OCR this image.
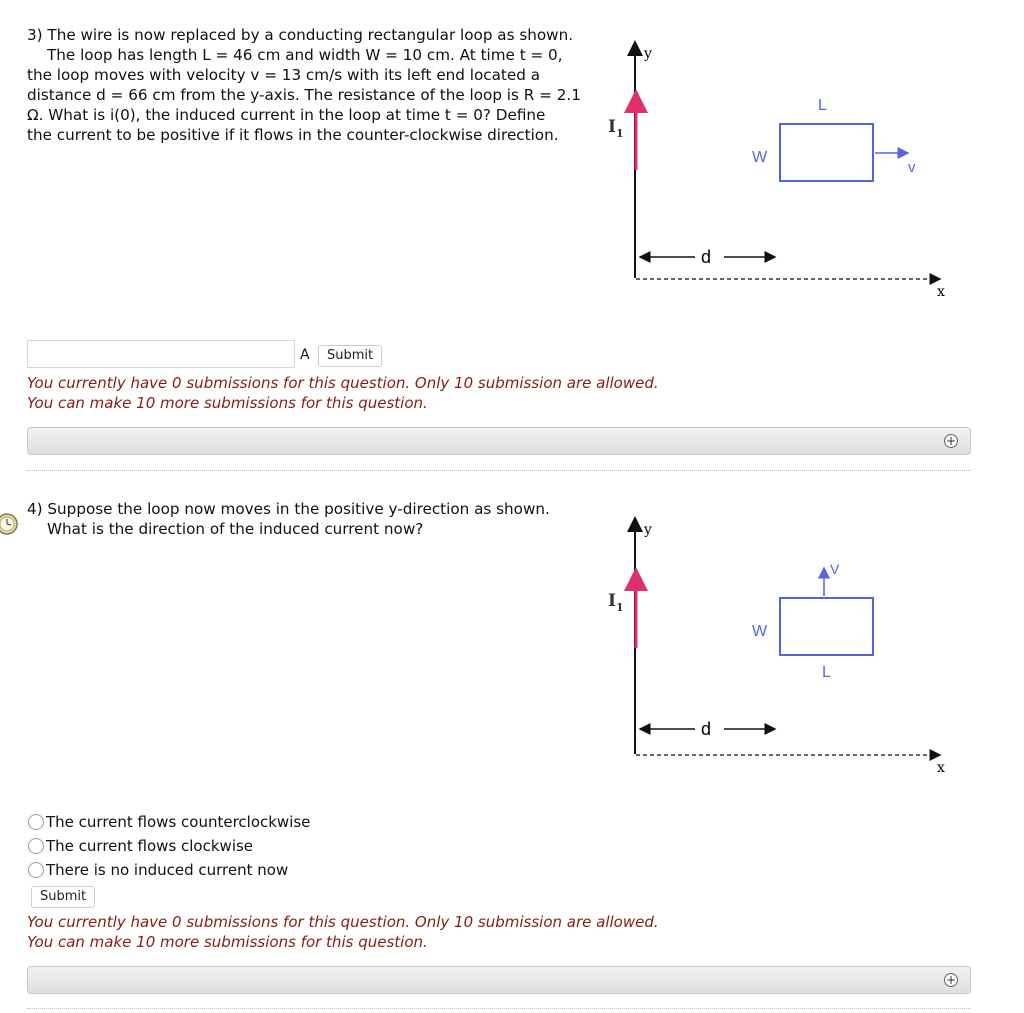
3) The wire is now replaced by a conducting rectangular loop as shown.
The loop has length L = 46 cm and width W = 10 cm. At time t = 0,
the loop moves with velocity v = 13 cm/s with its left end located a
distance d = 66 cm from the y-axis. The resistance of the loop is R = 2.1
Ω. What is i(0), the induced current in the loop at time t = 0? Define
the current to be positive if it flows in the counter-clockwise direction.
y
$I_1$
x
d
L
W
v
A	Submit
You currently have 0 submissions for this question. Only 10 submission are allowed.
You can make 10 more submissions for this question.
+
4) Suppose the loop now moves in the positive y-direction as shown.
What is the direction of the induced current now?	y
$I_1$
x
d
V
W
L
The current flows counterclockwise
The current flows clockwise
There is no induced current now
Submit
You currently have 0 submissions for this question. Only 10 submission are allowed.
You can make 10 more submissions for this question.
+
